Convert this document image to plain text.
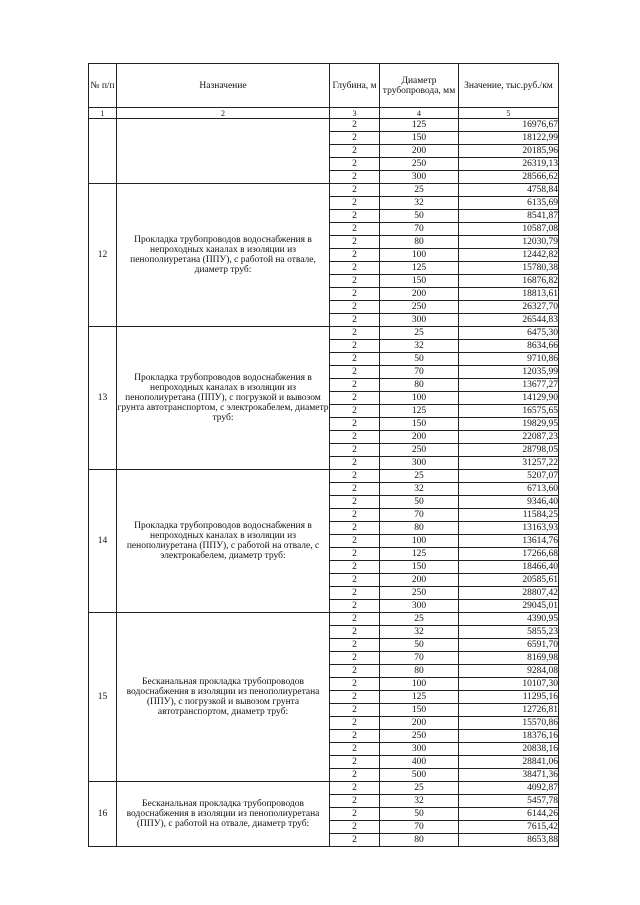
№ п/п	Назначение	Глубина, м	Диаметр трубопровода, мм	Значение, тыс.руб./км
1	2	3	4	5
		2	125	16976,67
		2	150	18122,99
		2	200	20185,96
		2	250	26319,13
		2	300	28566,62
12	Прокладка трубопроводов водоснабжения в непроходных каналах в изоляции из пенополиуретана (ППУ), с работой на отвале, диаметр труб:	2	25	4758,84
		2	32	6135,69
		2	50	8541,87
		2	70	10587,08
		2	80	12030,79
		2	100	12442,82
		2	125	15780,38
		2	150	16876,82
		2	200	18813,61
		2	250	26327,70
		2	300	26544,83
13	Прокладка трубопроводов водоснабжения в непроходных каналах в изоляции из пенополиуретана (ППУ), с погрузкой и вывозом грунта автотранспортом, с электрокабелем, диаметр труб:	2	25	6475,30
		2	32	8634,66
		2	50	9710,86
		2	70	12035,99
		2	80	13677,27
		2	100	14129,90
		2	125	16575,65
		2	150	19829,95
		2	200	22087,23
		2	250	28798,05
		2	300	31257,22
14	Прокладка трубопроводов водоснабжения в непроходных каналах в изоляции из пенополиуретана (ППУ), с работой на отвале, с электрокабелем, диаметр труб:	2	25	5207,07
		2	32	6713,60
		2	50	9346,40
		2	70	11584,25
		2	80	13163,93
		2	100	13614,76
		2	125	17266,68
		2	150	18466,40
		2	200	20585,61
		2	250	28807,42
		2	300	29045,01
15	Бесканальная прокладка трубопроводов водоснабжения в изоляции из пенополиуретана (ППУ), с погрузкой и вывозом грунта автотранспортом, диаметр труб:	2	25	4390,95
		2	32	5855,23
		2	50	6591,70
		2	70	8169,98
		2	80	9284,08
		2	100	10107,30
		2	125	11295,16
		2	150	12726,81
		2	200	15570,86
		2	250	18376,16
		2	300	20838,16
		2	400	28841,06
		2	500	38471,36
16	Бесканальная прокладка трубопроводов водоснабжения в изоляции из пенополиуретана (ППУ), с работой на отвале, диаметр труб:	2	25	4092,87
		2	32	5457,78
		2	50	6144,26
		2	70	7615,42
		2	80	8653,88
